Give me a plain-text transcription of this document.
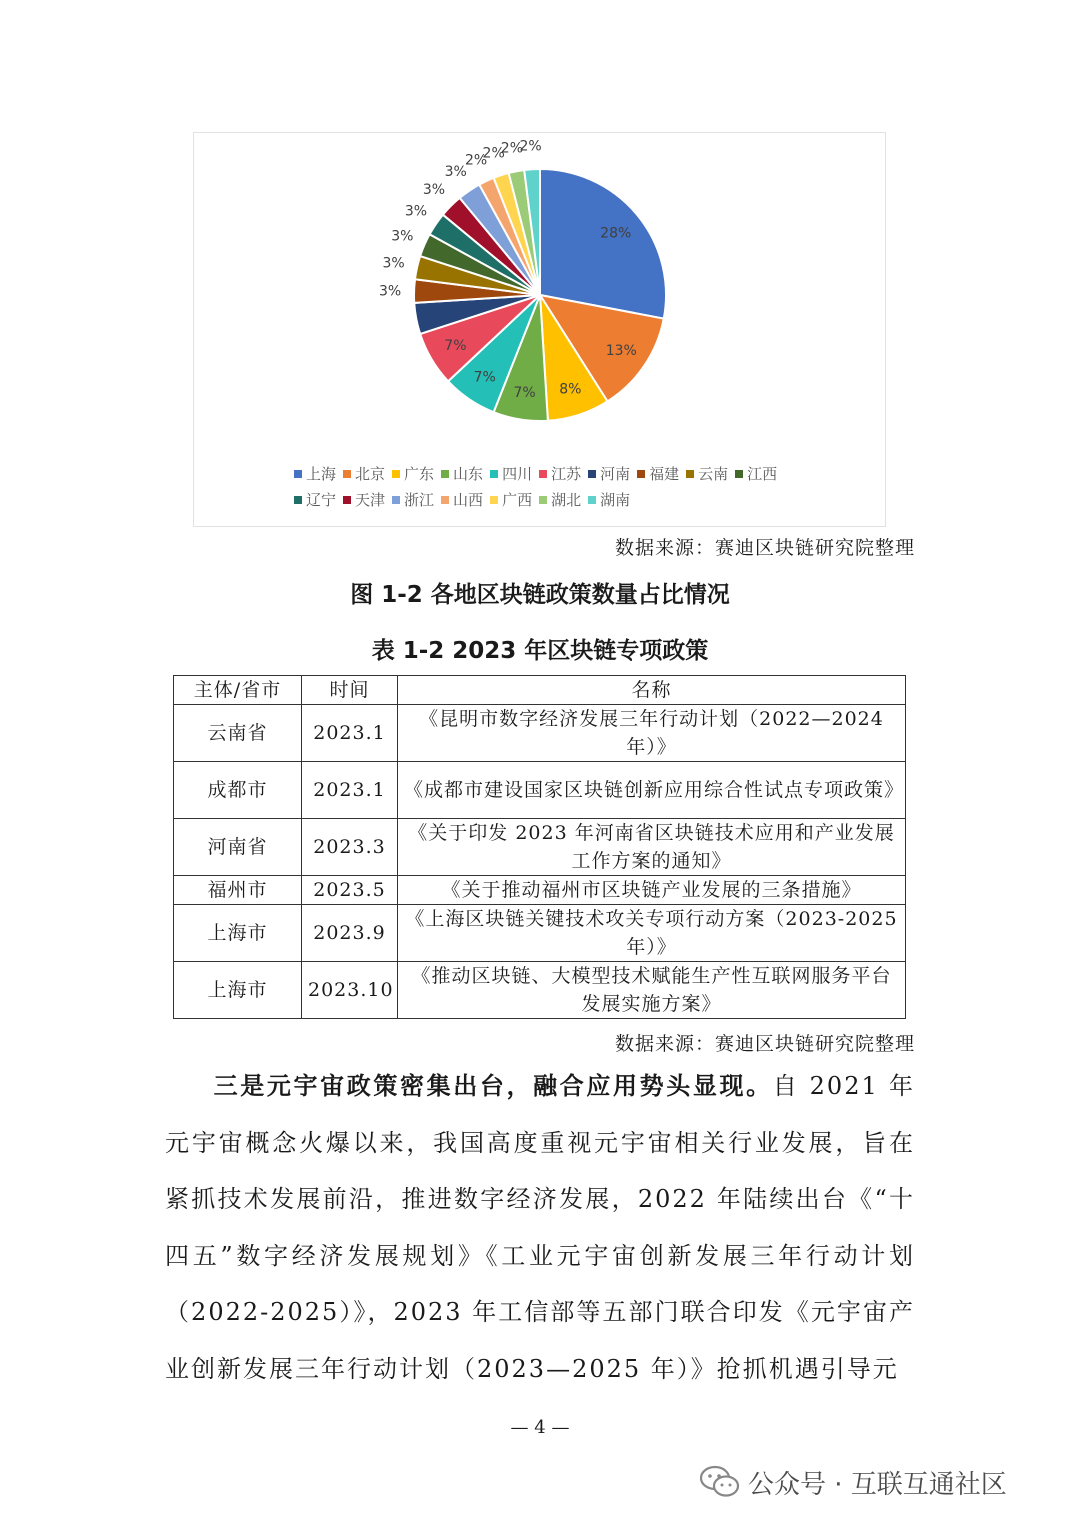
28%
13%
8%
7%
7%
7%
3%
3%
3%
3%
3%
3%
2%
2%
2%
2%
上海 北京 广东 山东 四川 江苏 河南 福建 云南 江西辽宁 天津 浙江 山西 广西 湖北 湖南
数据来源：赛迪区块链研究院整理
图 1-2 各地区块链政策数量占比情况
表 1-2 2023 年区块链专项政策
主体/省市	时间	名称
云南省	2023.1	《昆明市数字经济发展三年行动计划（2022—2024年）》
成都市	2023.1	《成都市建设国家区块链创新应用综合性试点专项政策》
河南省	2023.3	《关于印发 2023 年河南省区块链技术应用和产业发展工作方案的通知》
福州市	2023.5	《关于推动福州市区块链产业发展的三条措施》
上海市	2023.9	《上海区块链关键技术攻关专项行动方案（2023-2025 年）》
上海市	2023.10	《推动区块链、大模型技术赋能生产性互联网服务平台发展实施方案》
数据来源：赛迪区块链研究院整理
三是元宇宙政策密集出台，融合应用势头显现。自 2021 年元宇宙概念火爆以来，我国高度重视元宇宙相关行业发展，旨在紧抓技术发展前沿，推进数字经济发展，2022 年陆续出台《“十四五”数字经济发展规划》《工业元宇宙创新发展三年行动计划（2022-2025）》，2023 年工信部等五部门联合印发《元宇宙产业创新发展三年行动计划（2023—2025 年）》抢抓机遇引导元
— 4 —
公众号 · 互联互通社区
